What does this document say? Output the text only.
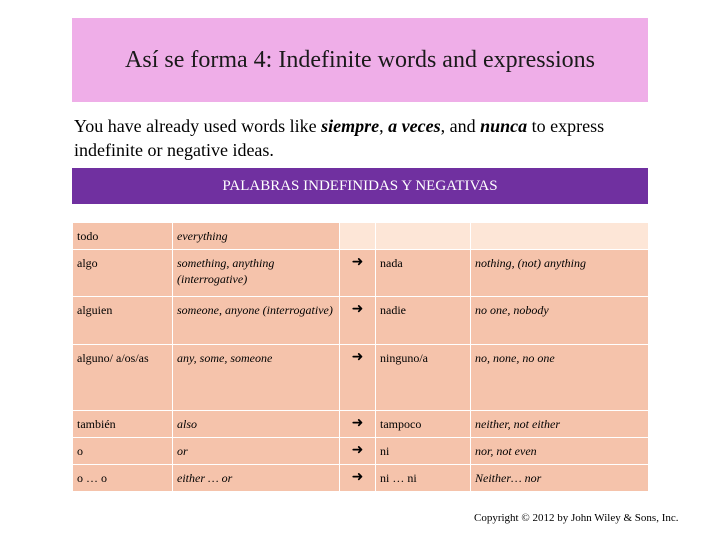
Así se forma 4: Indefinite words and expressions
You have already used words like siempre, a veces, and nunca to express indefinite or negative ideas.
PALABRAS INDEFINIDAS Y NEGATIVAS
todo	everything			
algo	something, anything (interrogative)	➜	nada	nothing, (not) anything
alguien	someone, anyone (interrogative)	➜	nadie	no one, nobody
alguno/ a/os/as	any, some, someone	➜	ninguno/a	no, none, no one
también	also	➜	tampoco	neither, not either
o	or	➜	ni	nor, not even
o … o	either … or	➜	ni … ni	Neither… nor
Copyright © 2012 by John Wiley & Sons, Inc.
